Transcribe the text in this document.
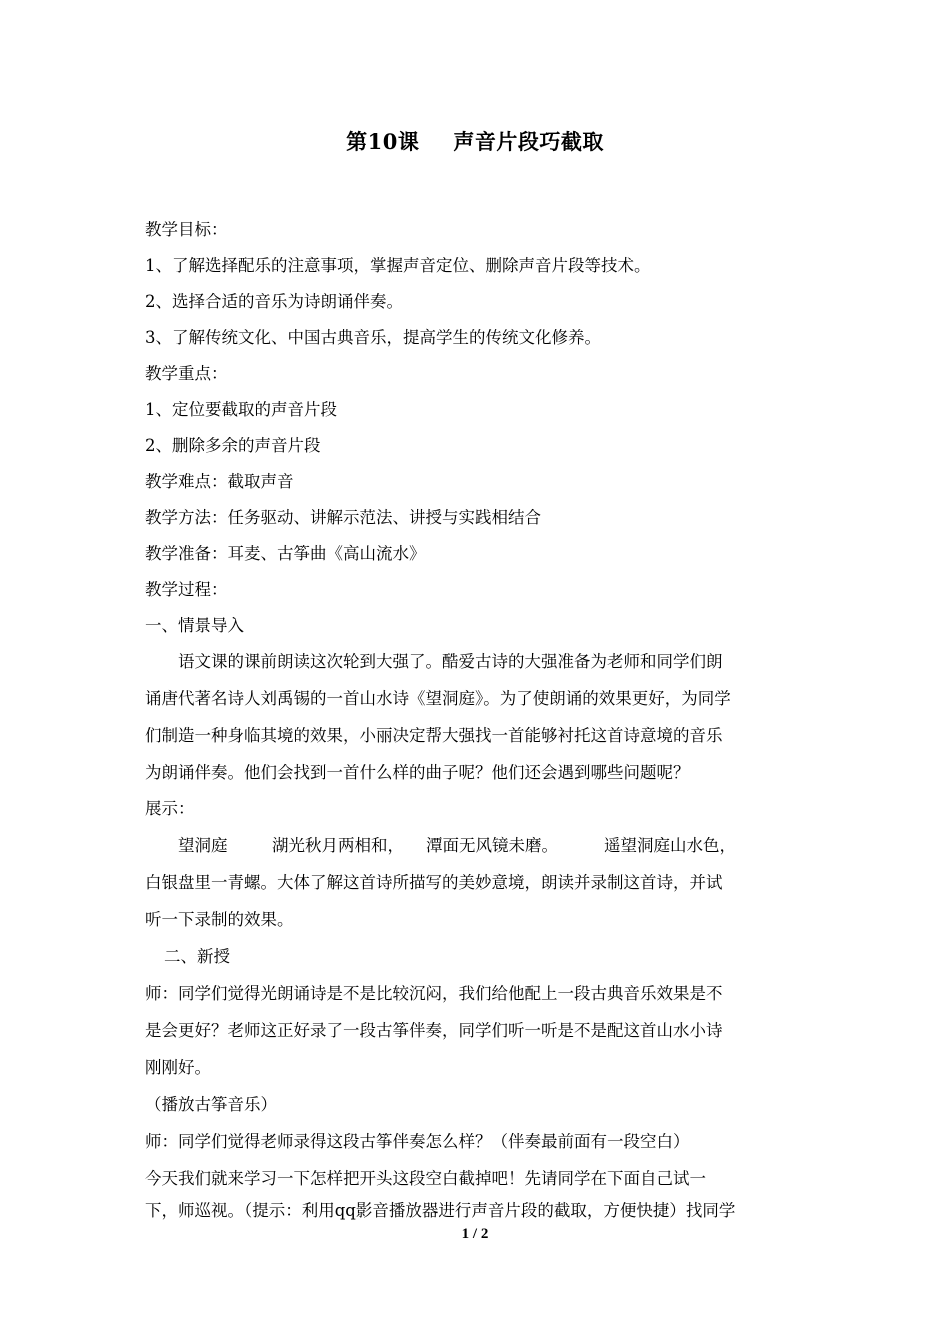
第10课 声音片段巧截取
教学目标：
1、了解选择配乐的注意事项，掌握声音定位、删除声音片段等技术。
2、选择合适的音乐为诗朗诵伴奏。
3、了解传统文化、中国古典音乐，提高学生的传统文化修养。
教学重点：
1、定位要截取的声音片段
2、删除多余的声音片段
教学难点：截取声音
教学方法：任务驱动、讲解示范法、讲授与实践相结合
教学准备：耳麦、古筝曲《高山流水》
教学过程：
一、情景导入
语文课的课前朗读这次轮到大强了。酷爱古诗的大强准备为老师和同学们朗
诵唐代著名诗人刘禹锡的一首山水诗《望洞庭》。为了使朗诵的效果更好，为同学
们制造一种身临其境的效果，小丽决定帮大强找一首能够衬托这首诗意境的音乐
为朗诵伴奏。他们会找到一首什么样的曲子呢？他们还会遇到哪些问题呢？
展示：
望洞庭	湖光秋月两相和， 潭面无风镜未磨。	遥望洞庭山水色，
白银盘里一青螺。大体了解这首诗所描写的美妙意境，朗读并录制这首诗，并试
听一下录制的效果。
二、新授
师：同学们觉得光朗诵诗是不是比较沉闷，我们给他配上一段古典音乐效果是不
是会更好？老师这正好录了一段古筝伴奏，同学们听一听是不是配这首山水小诗
刚刚好。
（播放古筝音乐）
师：同学们觉得老师录得这段古筝伴奏怎么样？（伴奏最前面有一段空白）
今天我们就来学习一下怎样把开头这段空白截掉吧！先请同学在下面自己试一
下，师巡视。（提示：利用qq影音播放器进行声音片段的截取，方便快捷）找同学
1 / 2
